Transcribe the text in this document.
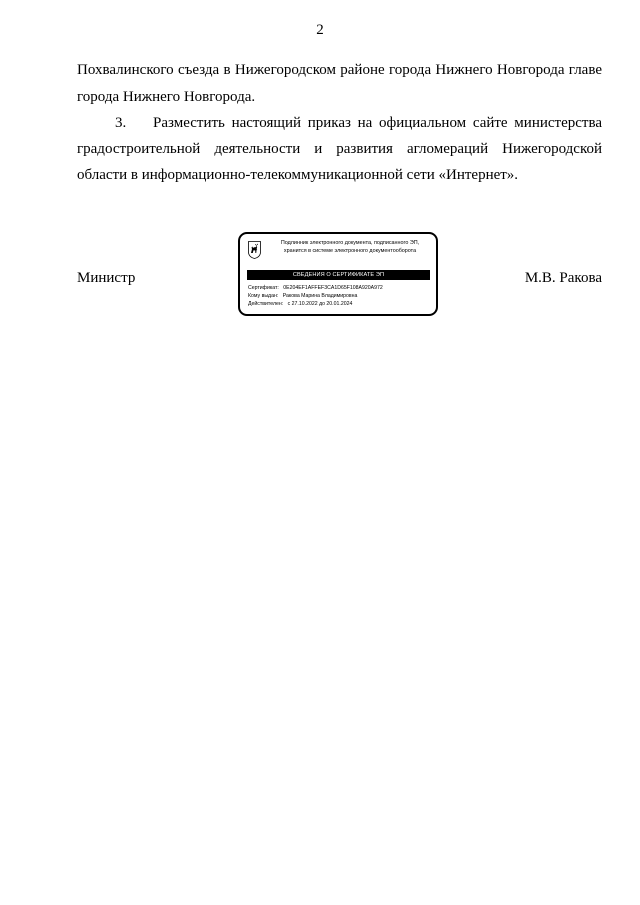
2
Похвалинского съезда в Нижегородском районе города Нижнего Новгорода главе
города Нижнего Новгорода.
3. Разместить настоящий приказ на официальном сайте министерства
градостроительной деятельности и развития агломераций Нижегородской
области в информационно-телекоммуникационной сети «Интернет».
Министр	М.В. Ракова
Подлинник электронного документа, подписанного ЭП,
хранится в системе электронного документооборота
СВЕДЕНИЯ О СЕРТИФИКАТЕ ЭП
Сертификат: 0E204EF1AFFEF3CA1D65F108A920A972
Кому выдан: Ракова Марина Владимировна
Действителен: с 27.10.2022 до 20.01.2024
